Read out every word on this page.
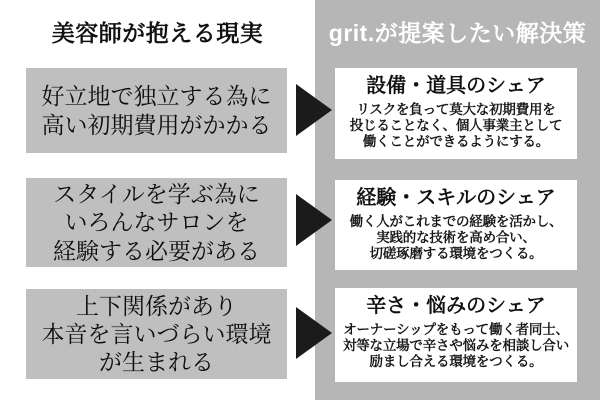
美容師が抱える現実	grit.が提案したい解決策
好立地で独立する為に
高い初期費用がかかる
設備・道具のシェア
リスクを負って莫大な初期費用を
投じることなく、個人事業主として
働くことができるようにする。
スタイルを学ぶ為に
いろんなサロンを
経験する必要がある
経験・スキルのシェア
働く人がこれまでの経験を活かし、
実践的な技術を高め合い、
切磋琢磨する環境をつくる。
上下関係があり
本音を言いづらい環境
が生まれる
辛さ・悩みのシェア
オーナーシップをもって働く者同士、
対等な立場で辛さや悩みを相談し合い
励まし合える環境をつくる。
